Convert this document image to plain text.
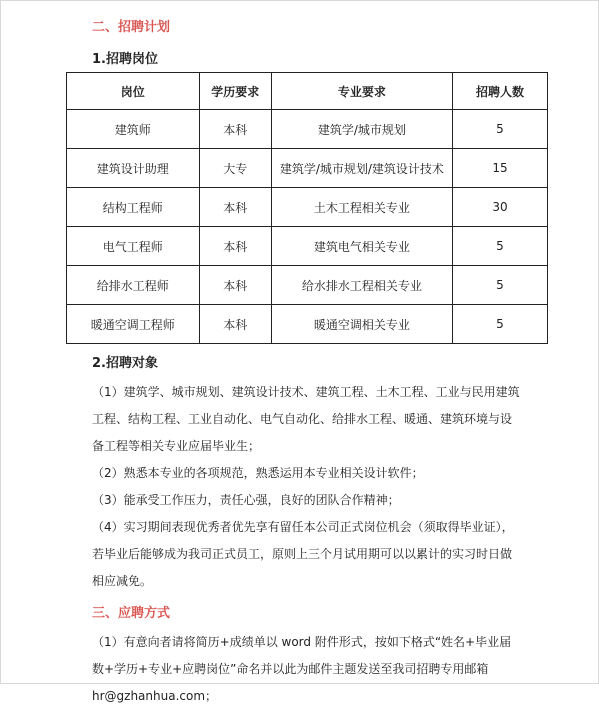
二、招聘计划
1.招聘岗位
岗位	学历要求	专业要求	招聘人数
建筑师	本科	建筑学/城市规划	5
建筑设计助理	大专	建筑学/城市规划/建筑设计技术	15
结构工程师	本科	土木工程相关专业	30
电气工程师	本科	建筑电气相关专业	5
给排水工程师	本科	给水排水工程相关专业	5
暖通空调工程师	本科	暖通空调相关专业	5
2.招聘对象
（1）建筑学、城市规划、建筑设计技术、建筑工程、土木工程、工业与民用建筑工程、结构工程、工业自动化、电气自动化、给排水工程、暖通、建筑环境与设备工程等相关专业应届毕业生；
（2）熟悉本专业的各项规范，熟悉运用本专业相关设计软件；
（3）能承受工作压力，责任心强，良好的团队合作精神；
（4）实习期间表现优秀者优先享有留任本公司正式岗位机会（须取得毕业证），若毕业后能够成为我司正式员工，原则上三个月试用期可以以累计的实习时日做相应减免。
三、应聘方式
（1）有意向者请将简历+成绩单以 word 附件形式，按如下格式“姓名+毕业届数+学历+专业+应聘岗位”命名并以此为邮件主题发送至我司招聘专用邮箱 hr@gzhanhua.com；
